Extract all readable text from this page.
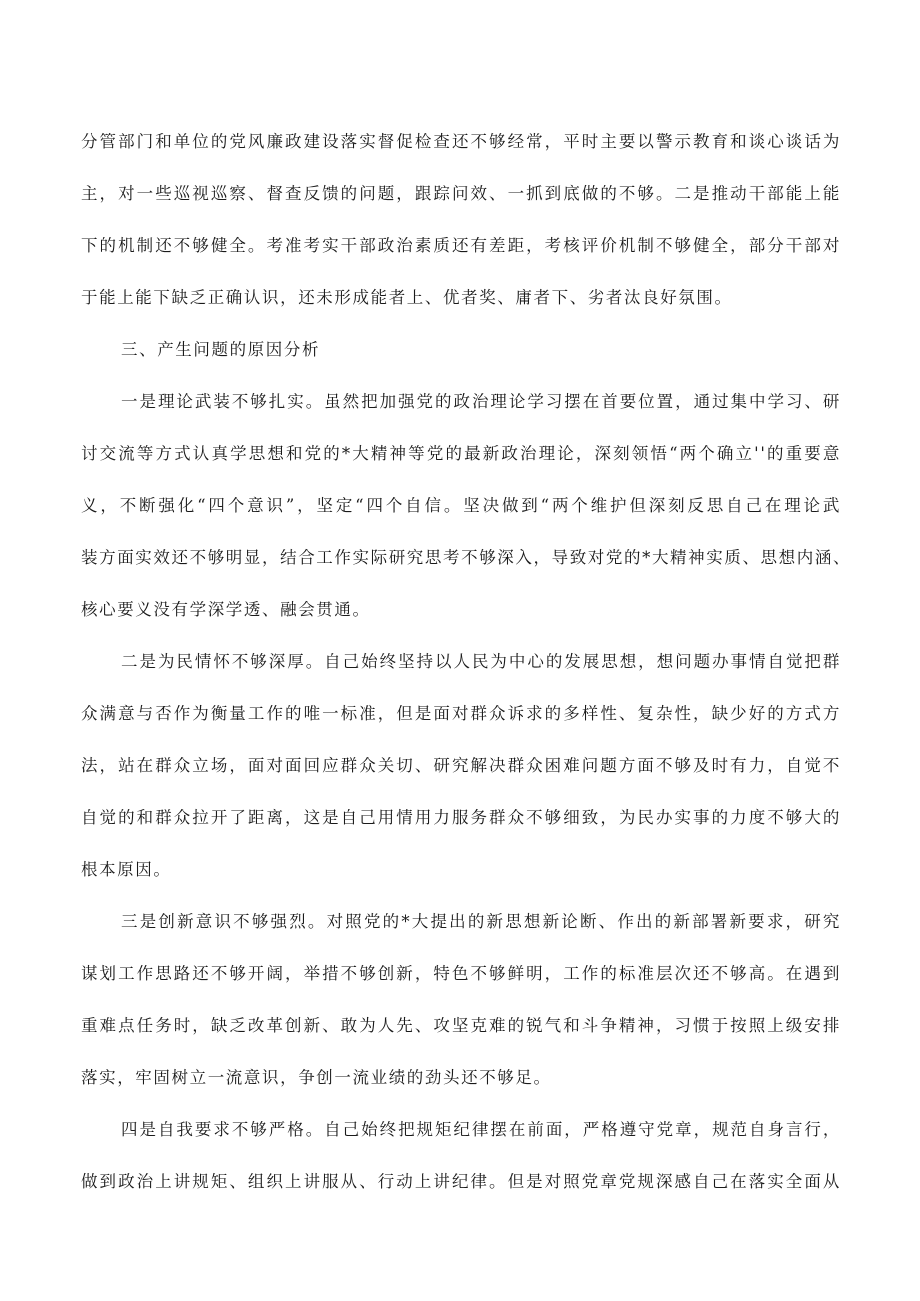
分管部门和单位的党风廉政建设落实督促检查还不够经常，平时主要以警示教育和谈心谈话为
主，对一些巡视巡察、督查反馈的问题，跟踪问效、一抓到底做的不够。二是推动干部能上能
下的机制还不够健全。考准考实干部政治素质还有差距，考核评价机制不够健全，部分干部对
于能上能下缺乏正确认识，还未形成能者上、优者奖、庸者下、劣者汰良好氛围。
三、产生问题的原因分析
一是理论武装不够扎实。虽然把加强党的政治理论学习摆在首要位置，通过集中学习、研
讨交流等方式认真学思想和党的*大精神等党的最新政治理论，深刻领悟“两个确立''的重要意
义，不断强化“四个意识”，坚定“四个自信。坚决做到“两个维护但深刻反思自己在理论武
装方面实效还不够明显，结合工作实际研究思考不够深入，导致对党的*大精神实质、思想内涵、
核心要义没有学深学透、融会贯通。
二是为民情怀不够深厚。自己始终坚持以人民为中心的发展思想，想问题办事情自觉把群
众满意与否作为衡量工作的唯一标准，但是面对群众诉求的多样性、复杂性，缺少好的方式方
法，站在群众立场，面对面回应群众关切、研究解决群众困难问题方面不够及时有力，自觉不
自觉的和群众拉开了距离，这是自己用情用力服务群众不够细致，为民办实事的力度不够大的
根本原因。
三是创新意识不够强烈。对照党的*大提出的新思想新论断、作出的新部署新要求，研究
谋划工作思路还不够开阔，举措不够创新，特色不够鲜明，工作的标准层次还不够高。在遇到
重难点任务时，缺乏改革创新、敢为人先、攻坚克难的锐气和斗争精神，习惯于按照上级安排
落实，牢固树立一流意识，争创一流业绩的劲头还不够足。
四是自我要求不够严格。自己始终把规矩纪律摆在前面，严格遵守党章，规范自身言行，
做到政治上讲规矩、组织上讲服从、行动上讲纪律。但是对照党章党规深感自己在落实全面从
